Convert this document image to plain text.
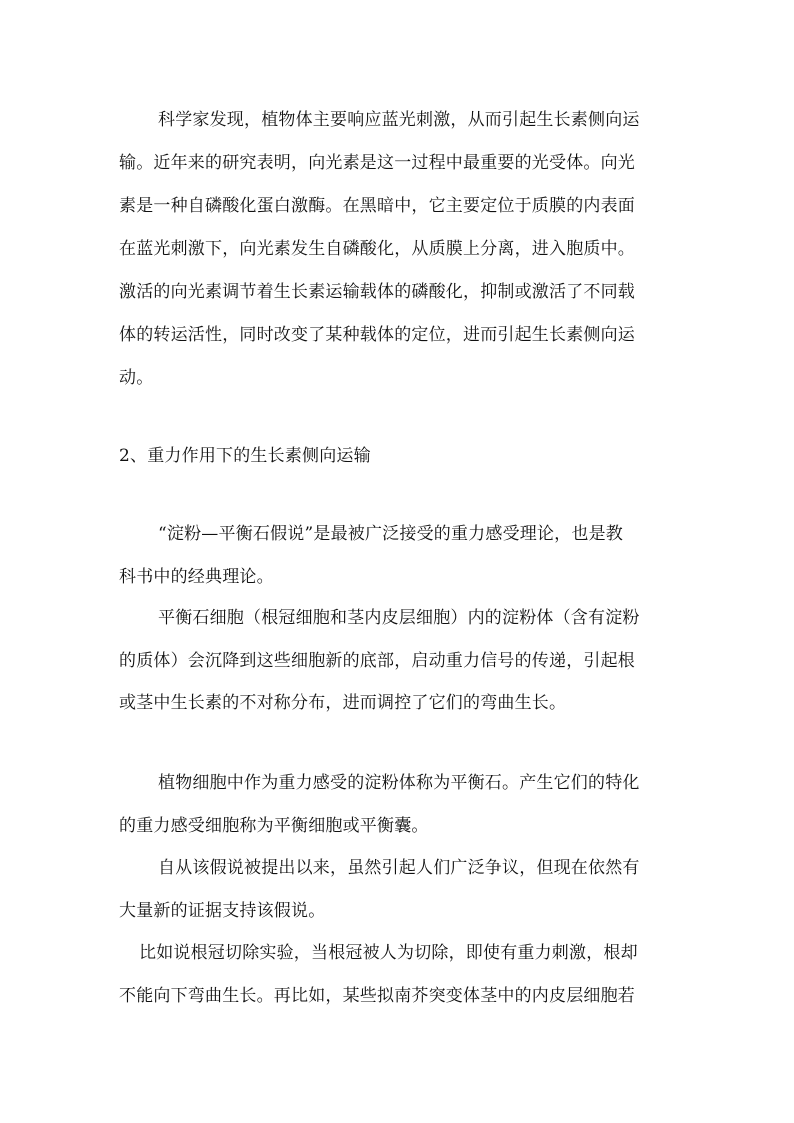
科学家发现，植物体主要响应蓝光刺激，从而引起生长素侧向运
输。近年来的研究表明，向光素是这一过程中最重要的光受体。向光
素是一种自磷酸化蛋白激酶。在黑暗中，它主要定位于质膜的内表面
在蓝光刺激下，向光素发生自磷酸化，从质膜上分离，进入胞质中。
激活的向光素调节着生长素运输载体的磷酸化，抑制或激活了不同载
体的转运活性，同时改变了某种载体的定位，进而引起生长素侧向运
动。
2、重力作用下的生长素侧向运输
“淀粉—平衡石假说”是最被广泛接受的重力感受理论，也是教
科书中的经典理论。
平衡石细胞（根冠细胞和茎内皮层细胞）内的淀粉体（含有淀粉
的质体）会沉降到这些细胞新的底部，启动重力信号的传递，引起根
或茎中生长素的不对称分布，进而调控了它们的弯曲生长。
植物细胞中作为重力感受的淀粉体称为平衡石。产生它们的特化
的重力感受细胞称为平衡细胞或平衡囊。
自从该假说被提出以来，虽然引起人们广泛争议，但现在依然有
大量新的证据支持该假说。
比如说根冠切除实验，当根冠被人为切除，即使有重力刺激，根却
不能向下弯曲生长。再比如，某些拟南芥突变体茎中的内皮层细胞若
